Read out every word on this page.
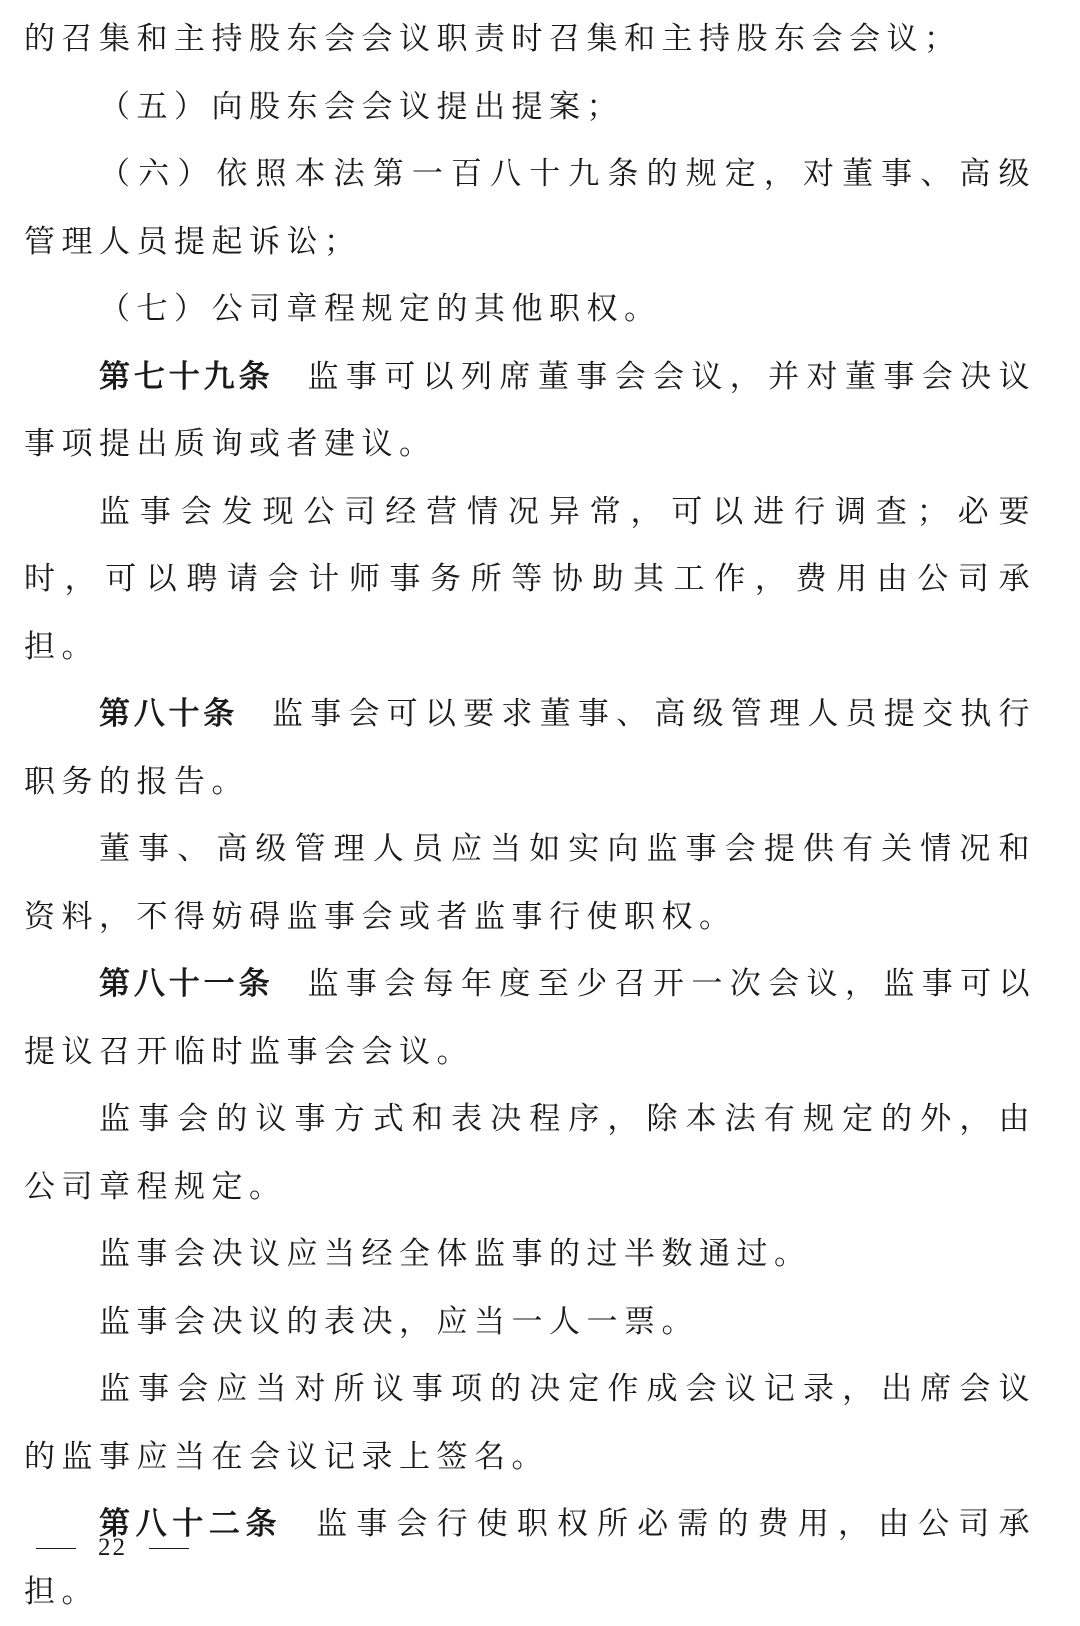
的召集和主持股东会会议职责时召集和主持股东会会议；

（五）向股东会会议提出提案；

（六）依照本法第一百八十九条的规定，对董事、高级管理人员提起诉讼；

（七）公司章程规定的其他职权。

第七十九条 监事可以列席董事会会议，并对董事会决议事项提出质询或者建议。

监事会发现公司经营情况异常，可以进行调查；必要时，可以聘请会计师事务所等协助其工作，费用由公司承担。

第八十条 监事会可以要求董事、高级管理人员提交执行职务的报告。

董事、高级管理人员应当如实向监事会提供有关情况和资料，不得妨碍监事会或者监事行使职权。

第八十一条 监事会每年度至少召开一次会议，监事可以提议召开临时监事会会议。

监事会的议事方式和表决程序，除本法有规定的外，由公司章程规定。

监事会决议应当经全体监事的过半数通过。

监事会决议的表决，应当一人一票。

监事会应当对所议事项的决定作成会议记录，出席会议的监事应当在会议记录上签名。

第八十二条 监事会行使职权所必需的费用，由公司承担。

22
